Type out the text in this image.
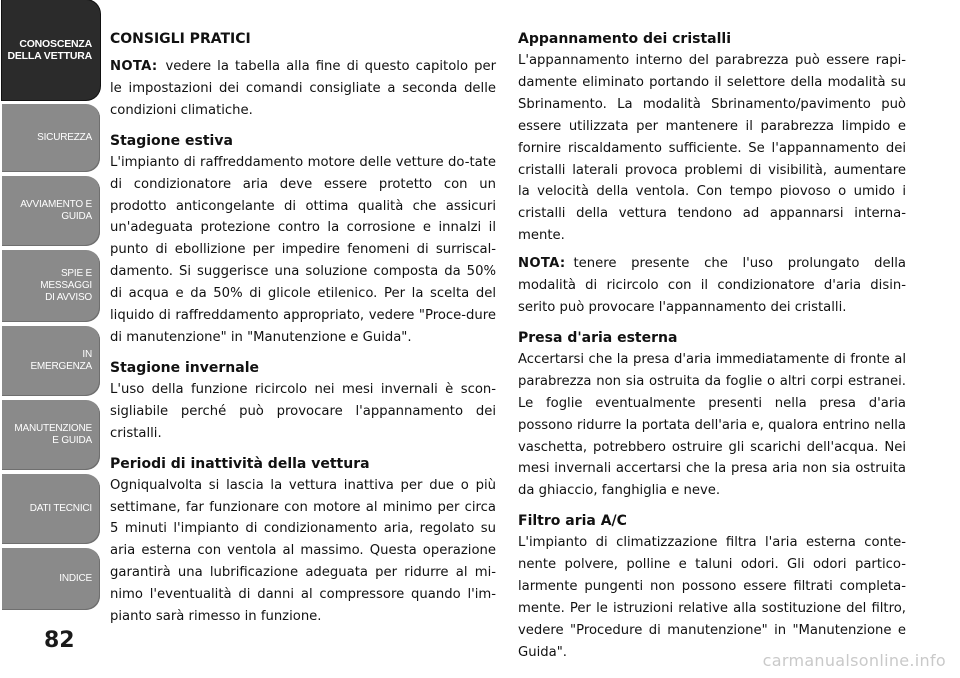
CONOSCENZA
DELLA VETTURA
SICUREZZA
AVVIAMENTO E
GUIDA
SPIE E
MESSAGGI
DI AVVISO
IN
EMERGENZA
MANUTENZIONE
E GUIDA
DATI TECNICI
INDICE
82
CONSIGLI PRATICI

NOTA: vedere la tabella alla fine di questo capitolo per le impostazioni dei comandi consigliate a seconda delle condizioni climatiche.

Stagione estiva

L'impianto di raffreddamento motore delle vetture do-tate di condizionatore aria deve essere protetto con un prodotto anticongelante di ottima qualità che assicuri un'adeguata protezione contro la corrosione e innalzi il punto di ebollizione per impedire fenomeni di surriscal-damento. Si suggerisce una soluzione composta da 50% di acqua e da 50% di glicole etilenico. Per la scelta del liquido di raffreddamento appropriato, vedere "Proce-dure di manutenzione" in "Manutenzione e Guida".

Stagione invernale

L'uso della funzione ricircolo nei mesi invernali è scon-sigliabile perché può provocare l'appannamento dei cristalli.

Periodi di inattività della vettura

Ogniqualvolta si lascia la vettura inattiva per due o più settimane, far funzionare con motore al minimo per circa 5 minuti l'impianto di condizionamento aria, regolato su aria esterna con ventola al massimo. Questa operazione garantirà una lubrificazione adeguata per ridurre al mi-nimo l'eventualità di danni al compressore quando l'im-pianto sarà rimesso in funzione.

Appannamento dei cristalli

L'appannamento interno del parabrezza può essere rapi-damente eliminato portando il selettore della modalità su Sbrinamento. La modalità Sbrinamento/pavimento può essere utilizzata per mantenere il parabrezza limpido e fornire riscaldamento sufficiente. Se l'appannamento dei cristalli laterali provoca problemi di visibilità, aumentare la velocità della ventola. Con tempo piovoso o umido i cristalli della vettura tendono ad appannarsi interna-mente.

NOTA: tenere presente che l'uso prolungato della modalità di ricircolo con il condizionatore d'aria disin-serito può provocare l'appannamento dei cristalli.

Presa d'aria esterna

Accertarsi che la presa d'aria immediatamente di fronte al parabrezza non sia ostruita da foglie o altri corpi estranei. Le foglie eventualmente presenti nella presa d'aria possono ridurre la portata dell'aria e, qualora entrino nella vaschetta, potrebbero ostruire gli scarichi dell'acqua. Nei mesi invernali accertarsi che la presa aria non sia ostruita da ghiaccio, fanghiglia e neve.

Filtro aria A/C

L'impianto di climatizzazione filtra l'aria esterna conte-nente polvere, polline e taluni odori. Gli odori partico-larmente pungenti non possono essere filtrati completa-mente. Per le istruzioni relative alla sostituzione del filtro, vedere "Procedure di manutenzione" in "Manutenzione e Guida".	carmanualsonline.info
